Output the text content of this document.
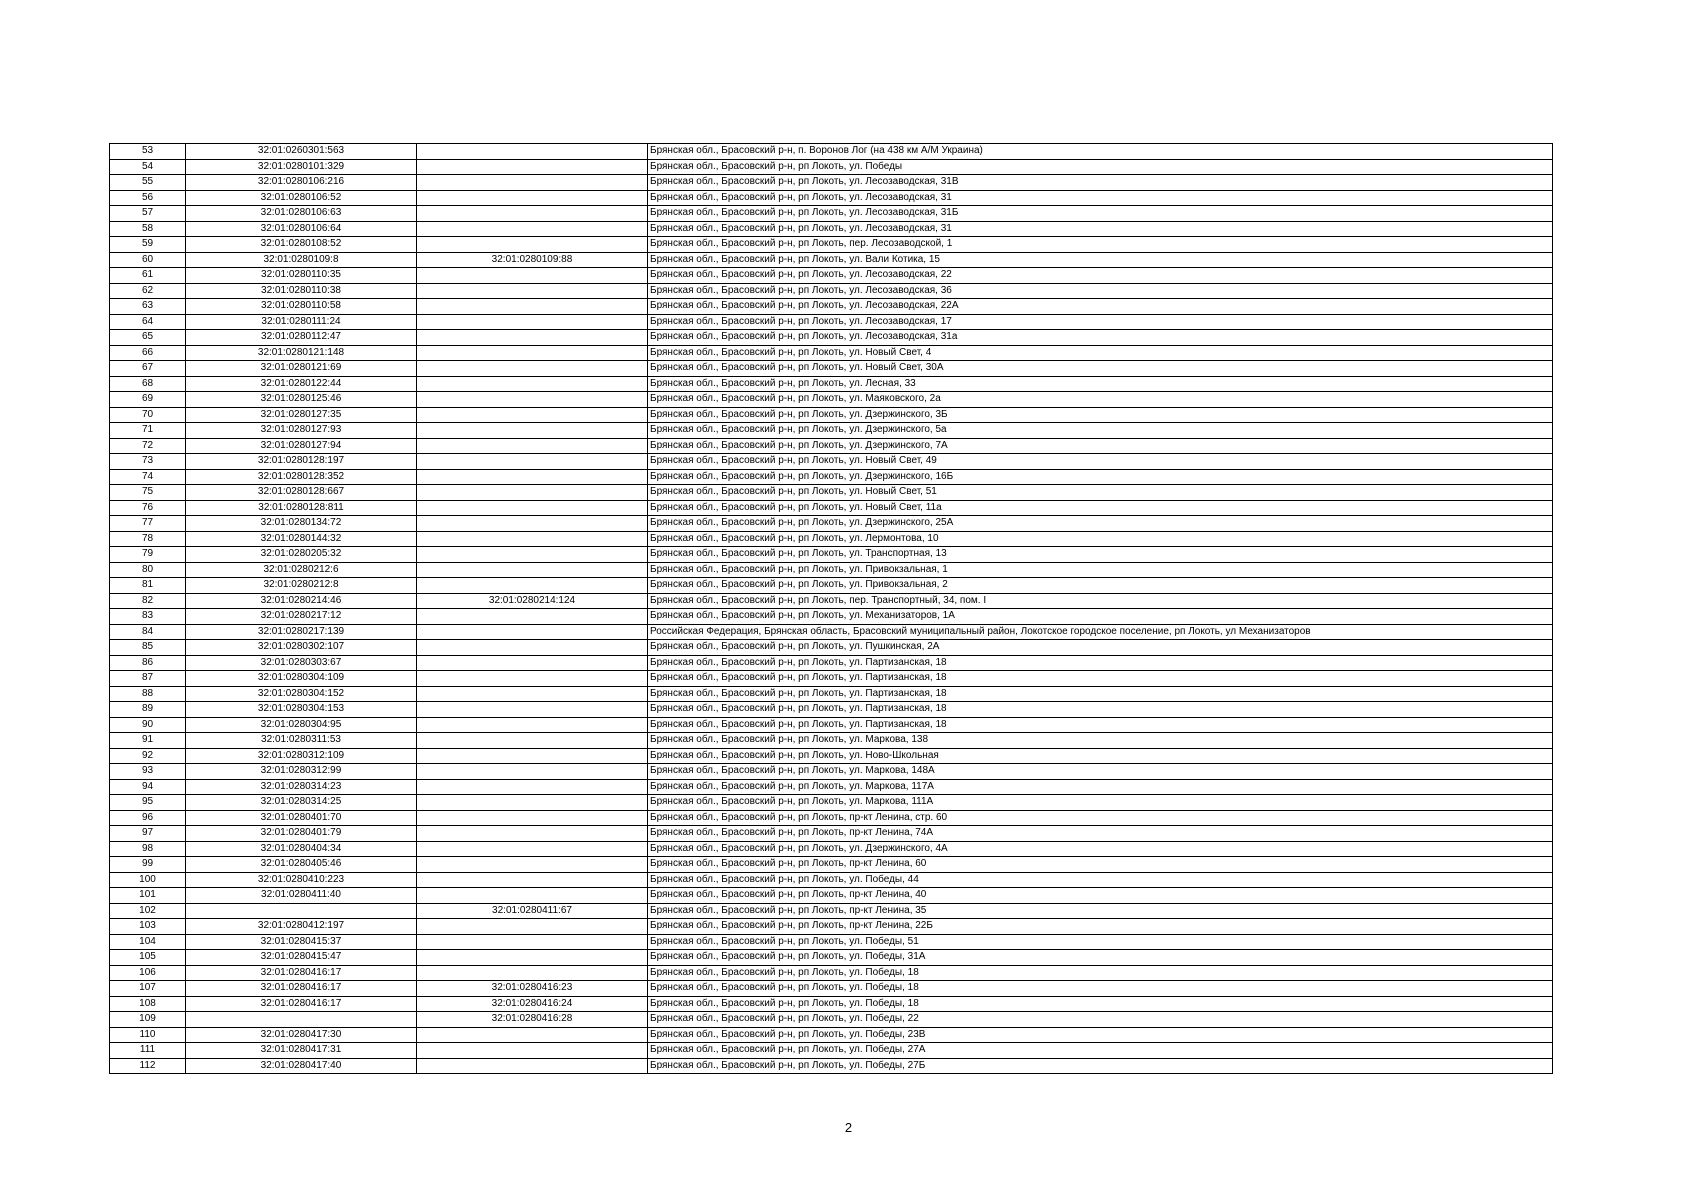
53	32:01:0260301:563		Брянская обл., Брасовский р-н, п. Воронов Лог (на 438 км А/М Украина)
54	32:01:0280101:329		Брянская обл., Брасовский р-н, рп Локоть, ул. Победы
55	32:01:0280106:216		Брянская обл., Брасовский р-н, рп Локоть, ул. Лесозаводская, 31В
56	32:01:0280106:52		Брянская обл., Брасовский р-н, рп Локоть, ул. Лесозаводская, 31
57	32:01:0280106:63		Брянская обл., Брасовский р-н, рп Локоть, ул. Лесозаводская, 31Б
58	32:01:0280106:64		Брянская обл., Брасовский р-н, рп Локоть, ул. Лесозаводская, 31
59	32:01:0280108:52		Брянская обл., Брасовский р-н, рп Локоть, пер. Лесозаводской, 1
60	32:01:0280109:8	32:01:0280109:88	Брянская обл., Брасовский р-н, рп Локоть, ул. Вали Котика, 15
61	32:01:0280110:35		Брянская обл., Брасовский р-н, рп Локоть, ул. Лесозаводская, 22
62	32:01:0280110:38		Брянская обл., Брасовский р-н, рп Локоть, ул. Лесозаводская, 36
63	32:01:0280110:58		Брянская обл., Брасовский р-н, рп Локоть, ул. Лесозаводская, 22А
64	32:01:0280111:24		Брянская обл., Брасовский р-н, рп Локоть, ул. Лесозаводская, 17
65	32:01:0280112:47		Брянская обл., Брасовский р-н, рп Локоть, ул. Лесозаводская, 31а
66	32:01:0280121:148		Брянская обл., Брасовский р-н, рп Локоть, ул. Новый Свет, 4
67	32:01:0280121:69		Брянская обл., Брасовский р-н, рп Локоть, ул. Новый Свет, 30А
68	32:01:0280122:44		Брянская обл., Брасовский р-н, рп Локоть, ул. Лесная, 33
69	32:01:0280125:46		Брянская обл., Брасовский р-н, рп Локоть, ул. Маяковского, 2а
70	32:01:0280127:35		Брянская обл., Брасовский р-н, рп Локоть, ул. Дзержинского, 3Б
71	32:01:0280127:93		Брянская обл., Брасовский р-н, рп Локоть, ул. Дзержинского, 5а
72	32:01:0280127:94		Брянская обл., Брасовский р-н, рп Локоть, ул. Дзержинского, 7А
73	32:01:0280128:197		Брянская обл., Брасовский р-н, рп Локоть, ул. Новый Свет, 49
74	32:01:0280128:352		Брянская обл., Брасовский р-н, рп Локоть, ул. Дзержинского, 16Б
75	32:01:0280128:667		Брянская обл., Брасовский р-н, рп Локоть, ул. Новый Свет, 51
76	32:01:0280128:811		Брянская обл., Брасовский р-н, рп Локоть, ул. Новый Свет, 11а
77	32:01:0280134:72		Брянская обл., Брасовский р-н, рп Локоть, ул. Дзержинского, 25А
78	32:01:0280144:32		Брянская обл., Брасовский р-н, рп Локоть, ул. Лермонтова, 10
79	32:01:0280205:32		Брянская обл., Брасовский р-н, рп Локоть, ул. Транспортная, 13
80	32:01:0280212:6		Брянская обл., Брасовский р-н, рп Локоть, ул. Привокзальная, 1
81	32:01:0280212:8		Брянская обл., Брасовский р-н, рп Локоть, ул. Привокзальная, 2
82	32:01:0280214:46	32:01:0280214:124	Брянская обл., Брасовский р-н, рп Локоть, пер. Транспортный, 34, пом. I
83	32:01:0280217:12		Брянская обл., Брасовский р-н, рп Локоть, ул. Механизаторов, 1А
84	32:01:0280217:139		Российская Федерация, Брянская область, Брасовский муниципальный район, Локотское городское поселение, рп Локоть, ул Механизаторов
85	32:01:0280302:107		Брянская обл., Брасовский р-н, рп Локоть, ул. Пушкинская, 2А
86	32:01:0280303:67		Брянская обл., Брасовский р-н, рп Локоть, ул. Партизанская, 18
87	32:01:0280304:109		Брянская обл., Брасовский р-н, рп Локоть, ул. Партизанская, 18
88	32:01:0280304:152		Брянская обл., Брасовский р-н, рп Локоть, ул. Партизанская, 18
89	32:01:0280304:153		Брянская обл., Брасовский р-н, рп Локоть, ул. Партизанская, 18
90	32:01:0280304:95		Брянская обл., Брасовский р-н, рп Локоть, ул. Партизанская, 18
91	32:01:0280311:53		Брянская обл., Брасовский р-н, рп Локоть, ул. Маркова, 138
92	32:01:0280312:109		Брянская обл., Брасовский р-н, рп Локоть, ул. Ново-Школьная
93	32:01:0280312:99		Брянская обл., Брасовский р-н, рп Локоть, ул. Маркова, 148А
94	32:01:0280314:23		Брянская обл., Брасовский р-н, рп Локоть, ул. Маркова, 117А
95	32:01:0280314:25		Брянская обл., Брасовский р-н, рп Локоть, ул. Маркова, 111А
96	32:01:0280401:70		Брянская обл., Брасовский р-н, рп Локоть, пр-кт Ленина, стр. 60
97	32:01:0280401:79		Брянская обл., Брасовский р-н, рп Локоть, пр-кт Ленина, 74А
98	32:01:0280404:34		Брянская обл., Брасовский р-н, рп Локоть, ул. Дзержинского, 4А
99	32:01:0280405:46		Брянская обл., Брасовский р-н, рп Локоть, пр-кт Ленина, 60
100	32:01:0280410:223		Брянская обл., Брасовский р-н, рп Локоть, ул. Победы, 44
101	32:01:0280411:40		Брянская обл., Брасовский р-н, рп Локоть, пр-кт Ленина, 40
102		32:01:0280411:67	Брянская обл., Брасовский р-н, рп Локоть, пр-кт Ленина, 35
103	32:01:0280412:197		Брянская обл., Брасовский р-н, рп Локоть, пр-кт Ленина, 22Б
104	32:01:0280415:37		Брянская обл., Брасовский р-н, рп Локоть, ул. Победы, 51
105	32:01:0280415:47		Брянская обл., Брасовский р-н, рп Локоть, ул. Победы, 31А
106	32:01:0280416:17		Брянская обл., Брасовский р-н, рп Локоть, ул. Победы, 18
107	32:01:0280416:17	32:01:0280416:23	Брянская обл., Брасовский р-н, рп Локоть, ул. Победы, 18
108	32:01:0280416:17	32:01:0280416:24	Брянская обл., Брасовский р-н, рп Локоть, ул. Победы, 18
109		32:01:0280416:28	Брянская обл., Брасовский р-н, рп Локоть, ул. Победы, 22
110	32:01:0280417:30		Брянская обл., Брасовский р-н, рп Локоть, ул. Победы, 23В
111	32:01:0280417:31		Брянская обл., Брасовский р-н, рп Локоть, ул. Победы, 27А
112	32:01:0280417:40		Брянская обл., Брасовский р-н, рп Локоть, ул. Победы, 27Б
2
